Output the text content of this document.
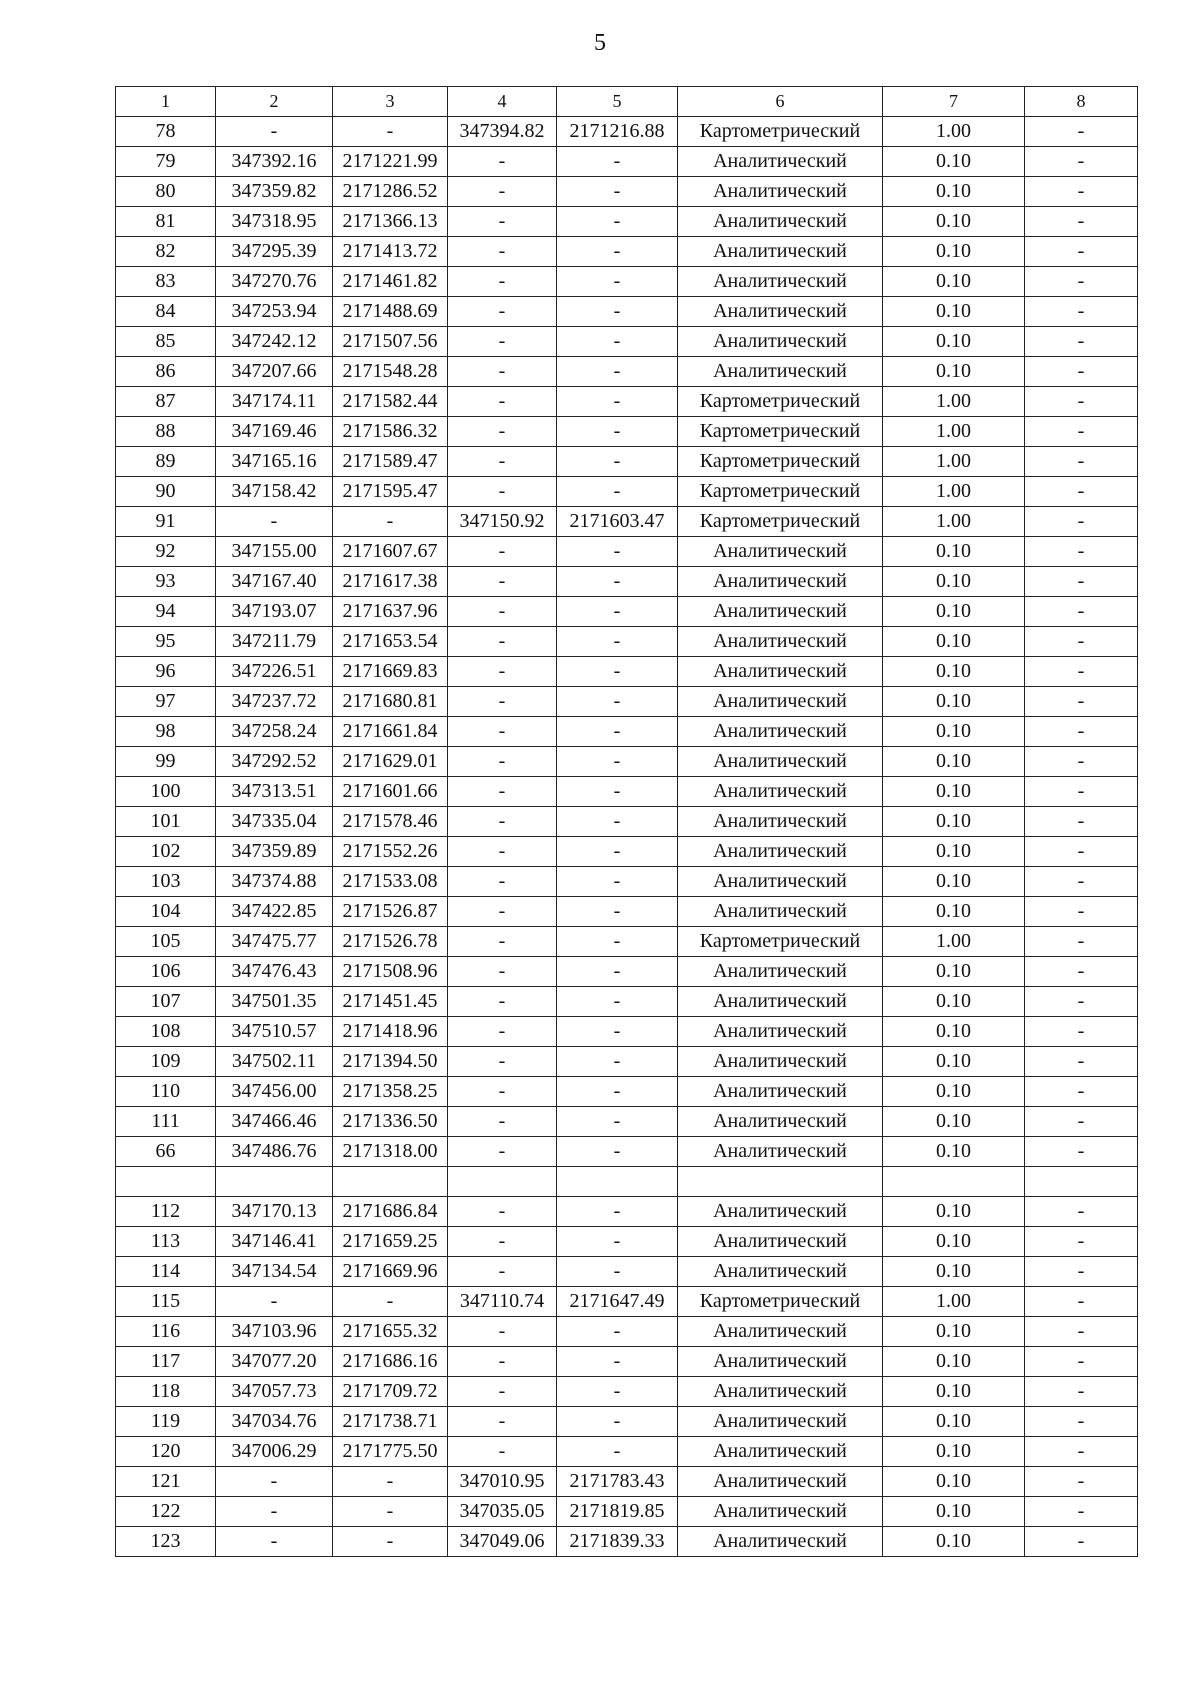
5
1	2	3	4	5	6	7	8
78	-	-	347394.82	2171216.88	Картометрический	1.00	-
79	347392.16	2171221.99	-	-	Аналитический	0.10	-
80	347359.82	2171286.52	-	-	Аналитический	0.10	-
81	347318.95	2171366.13	-	-	Аналитический	0.10	-
82	347295.39	2171413.72	-	-	Аналитический	0.10	-
83	347270.76	2171461.82	-	-	Аналитический	0.10	-
84	347253.94	2171488.69	-	-	Аналитический	0.10	-
85	347242.12	2171507.56	-	-	Аналитический	0.10	-
86	347207.66	2171548.28	-	-	Аналитический	0.10	-
87	347174.11	2171582.44	-	-	Картометрический	1.00	-
88	347169.46	2171586.32	-	-	Картометрический	1.00	-
89	347165.16	2171589.47	-	-	Картометрический	1.00	-
90	347158.42	2171595.47	-	-	Картометрический	1.00	-
91	-	-	347150.92	2171603.47	Картометрический	1.00	-
92	347155.00	2171607.67	-	-	Аналитический	0.10	-
93	347167.40	2171617.38	-	-	Аналитический	0.10	-
94	347193.07	2171637.96	-	-	Аналитический	0.10	-
95	347211.79	2171653.54	-	-	Аналитический	0.10	-
96	347226.51	2171669.83	-	-	Аналитический	0.10	-
97	347237.72	2171680.81	-	-	Аналитический	0.10	-
98	347258.24	2171661.84	-	-	Аналитический	0.10	-
99	347292.52	2171629.01	-	-	Аналитический	0.10	-
100	347313.51	2171601.66	-	-	Аналитический	0.10	-
101	347335.04	2171578.46	-	-	Аналитический	0.10	-
102	347359.89	2171552.26	-	-	Аналитический	0.10	-
103	347374.88	2171533.08	-	-	Аналитический	0.10	-
104	347422.85	2171526.87	-	-	Аналитический	0.10	-
105	347475.77	2171526.78	-	-	Картометрический	1.00	-
106	347476.43	2171508.96	-	-	Аналитический	0.10	-
107	347501.35	2171451.45	-	-	Аналитический	0.10	-
108	347510.57	2171418.96	-	-	Аналитический	0.10	-
109	347502.11	2171394.50	-	-	Аналитический	0.10	-
110	347456.00	2171358.25	-	-	Аналитический	0.10	-
111	347466.46	2171336.50	-	-	Аналитический	0.10	-
66	347486.76	2171318.00	-	-	Аналитический	0.10	-

112	347170.13	2171686.84	-	-	Аналитический	0.10	-
113	347146.41	2171659.25	-	-	Аналитический	0.10	-
114	347134.54	2171669.96	-	-	Аналитический	0.10	-
115	-	-	347110.74	2171647.49	Картометрический	1.00	-
116	347103.96	2171655.32	-	-	Аналитический	0.10	-
117	347077.20	2171686.16	-	-	Аналитический	0.10	-
118	347057.73	2171709.72	-	-	Аналитический	0.10	-
119	347034.76	2171738.71	-	-	Аналитический	0.10	-
120	347006.29	2171775.50	-	-	Аналитический	0.10	-
121	-	-	347010.95	2171783.43	Аналитический	0.10	-
122	-	-	347035.05	2171819.85	Аналитический	0.10	-
123	-	-	347049.06	2171839.33	Аналитический	0.10	-
